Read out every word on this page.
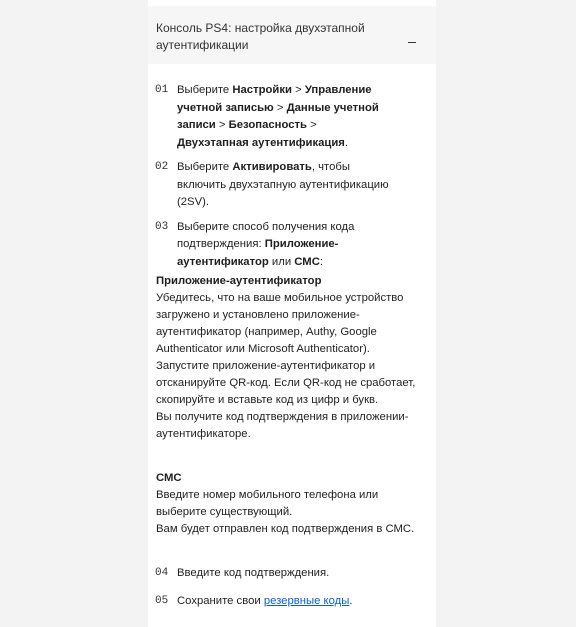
Консоль PS4: настройка двухэтапной аутентификации
01 Выберите Настройки > Управление учетной записью > Данные учетной записи > Безопасность > Двухэтапная аутентификация.
02 Выберите Активировать, чтобы включить двухэтапную аутентификацию (2SV).
03 Выберите способ получения кода подтверждения: Приложение-аутентификатор или СМС:
Приложение-аутентификатор
Убедитесь, что на ваше мобильное устройство загружено и установлено приложение-аутентификатор (например, Authy, Google Authenticator или Microsoft Authenticator).
Запустите приложение-аутентификатор и отсканируйте QR-код. Если QR-код не сработает, скопируйте и вставьте код из цифр и букв.
Вы получите код подтверждения в приложении-аутентификаторе.
СМС
Введите номер мобильного телефона или выберите существующий.
Вам будет отправлен код подтверждения в СМС.
04 Введите код подтверждения.
05 Сохраните свои резервные коды.
